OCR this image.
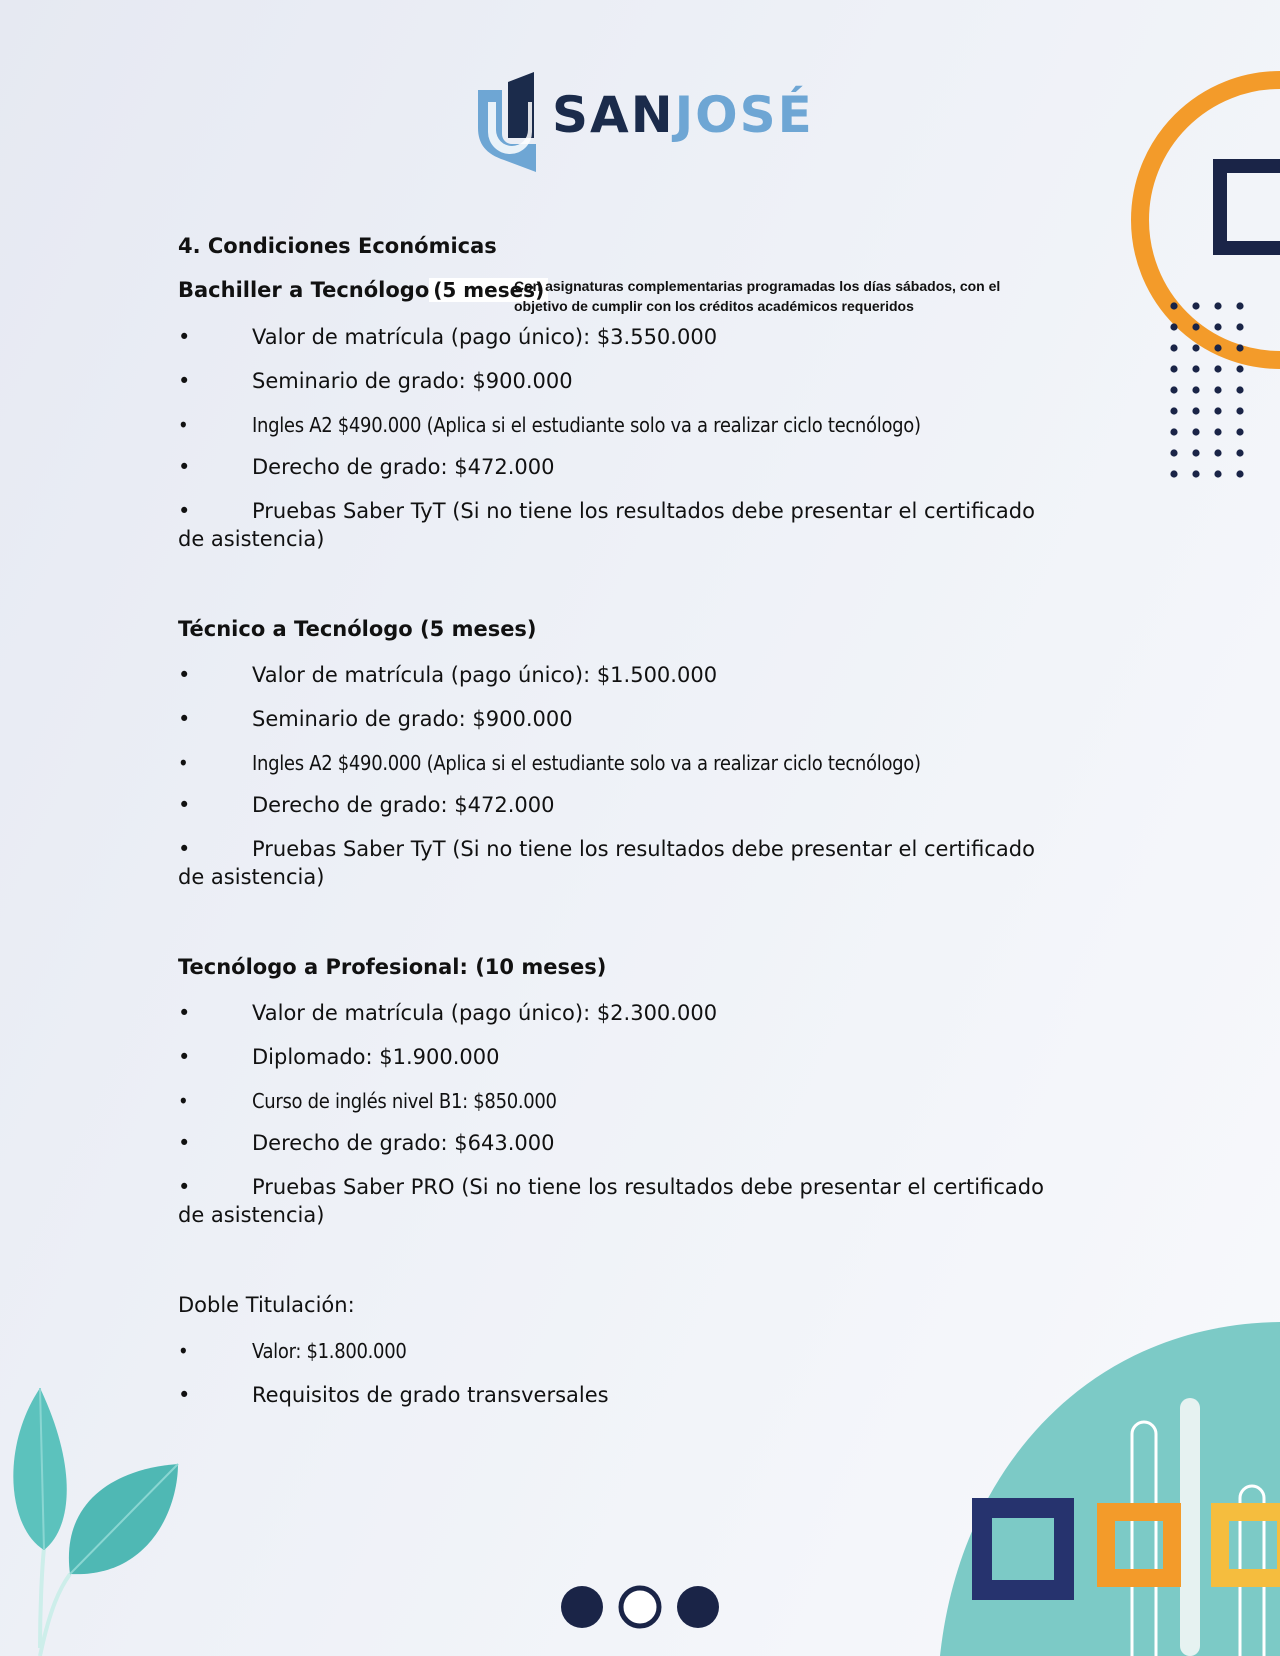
SANJOSÉ
4. Condiciones Económicas
Bachiller a Tecnólogo (5 meses)
Con asignaturas complementarias programadas los días sábados, con el objetivo de cumplir con los créditos académicos requeridos
•	Valor de matrícula (pago único): $3.550.000
•	Seminario de grado: $900.000
•	Ingles A2 $490.000 (Aplica si el estudiante solo va a realizar ciclo tecnólogo)
•	Derecho de grado: $472.000
•	Pruebas Saber TyT (Si no tiene los resultados debe presentar el certificado de asistencia)
Técnico a Tecnólogo (5 meses)
•	Valor de matrícula (pago único): $1.500.000
•	Seminario de grado: $900.000
•	Ingles A2 $490.000 (Aplica si el estudiante solo va a realizar ciclo tecnólogo)
•	Derecho de grado: $472.000
•	Pruebas Saber TyT (Si no tiene los resultados debe presentar el certificado de asistencia)
Tecnólogo a Profesional: (10 meses)
•	Valor de matrícula (pago único): $2.300.000
•	Diplomado: $1.900.000
•	Curso de inglés nivel B1: $850.000
•	Derecho de grado: $643.000
•	Pruebas Saber PRO (Si no tiene los resultados debe presentar el certificado de asistencia)
Doble Titulación:
•	Valor: $1.800.000
•	Requisitos de grado transversales
